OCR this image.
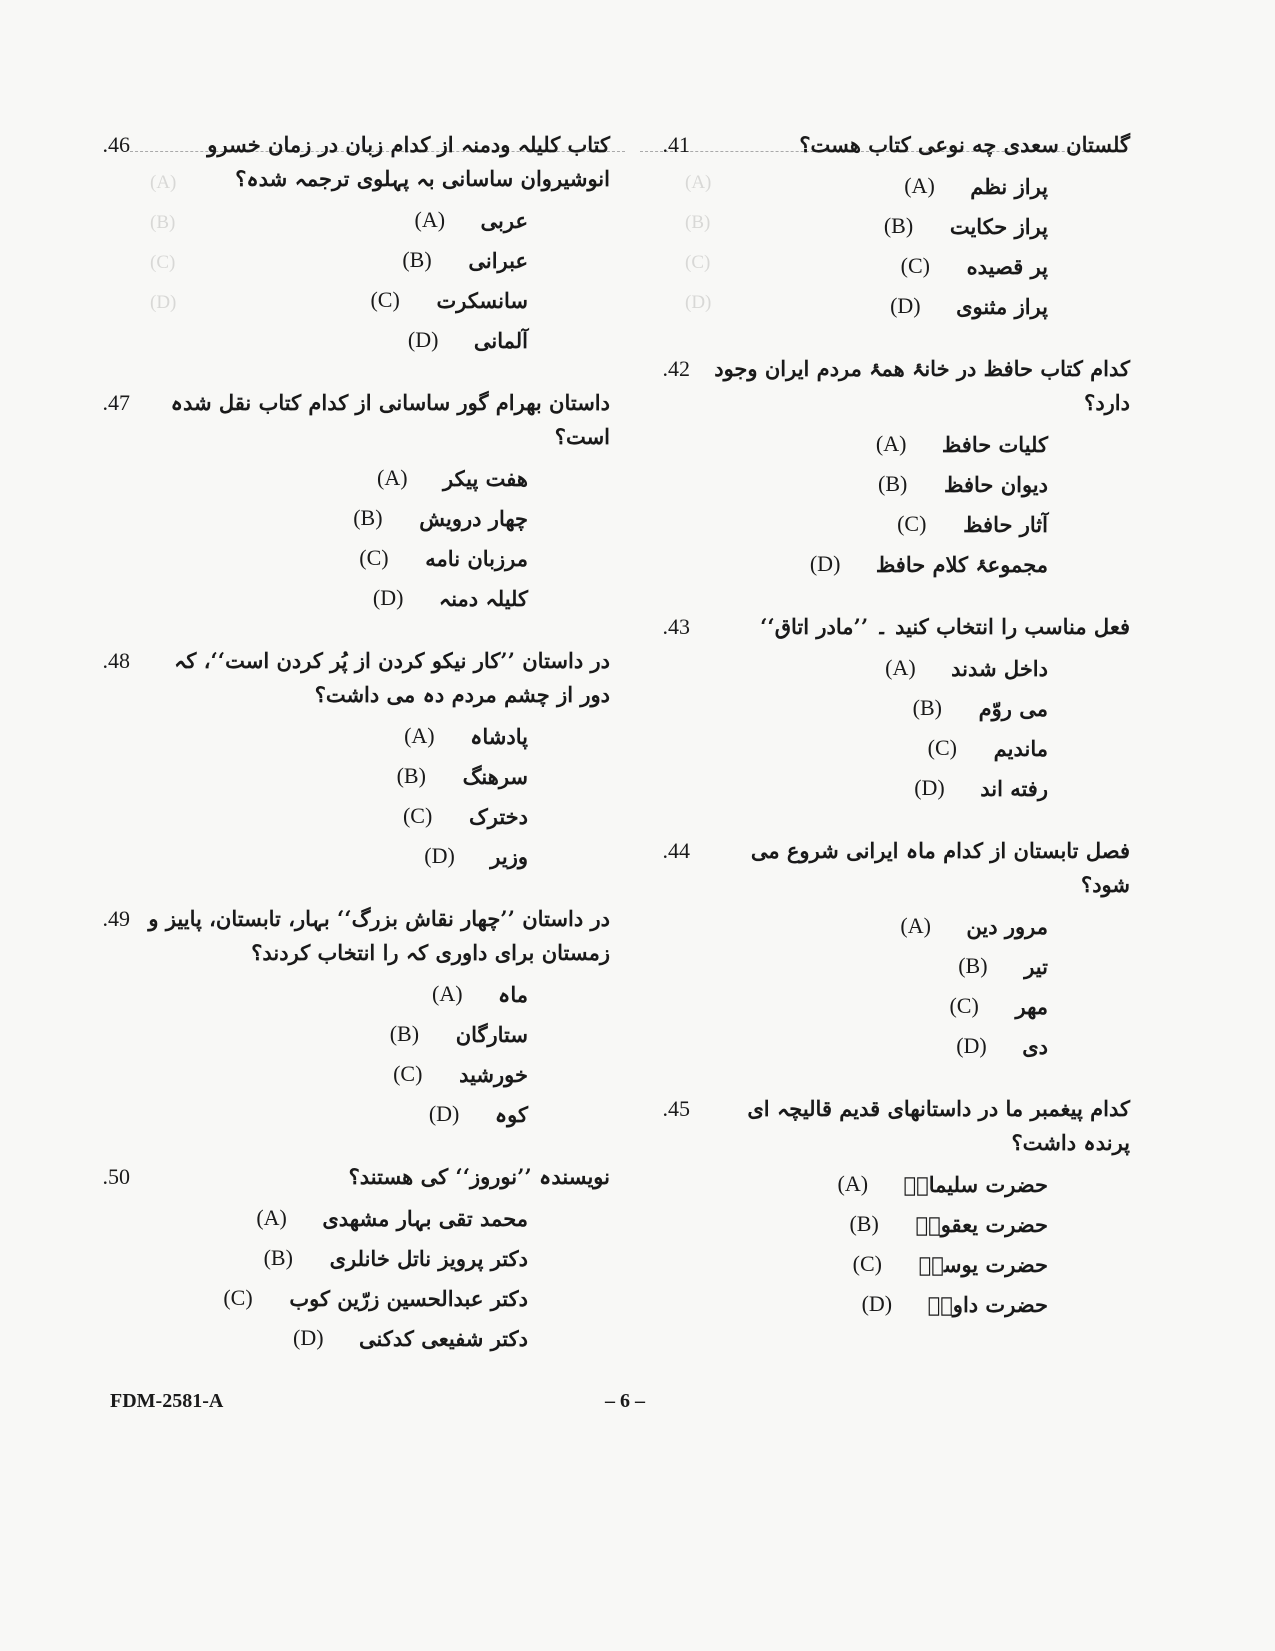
(A)
(B)
(C)
(D)
(A)
(B)
(C)
(D)
.41	گلستان سعدی چه نوعی کتاب هست؟
(A)	پراز نظم
(B)	پراز حکایت
(C)	پر قصیده
(D)	پراز مثنوی
.42 کدام کتاب حافظ در خانۂ همۂ مردم ایران وجود دارد؟
(A)	کلیات حافظ
(B)	دیوان حافظ
(C)	آثار حافظ
(D)	مجموعۂ کلام حافظ
.43	فعل مناسب را انتخاب کنید ۔ ’’مادر اتاق‘‘
(A)	داخل شدند
(B)	می روّم
(C)	ماندیم
(D)	رفته اند
.44	فصل تابستان از کدام ماہ ایرانی شروع می شود؟
(A)	مرور دین
(B)	تیر
(C)	مھر
(D)	دی
.45	کدام پیغمبر ما در داستانهای قدیم قالیچہ ای پرندہ داشت؟
(A)	حضرت سلیمانؑ
(B)	حضرت یعقوبؑ
(C)	حضرت یوسفؑ
(D)	حضرت داودؑ
.46	کتاب کلیلہ ودمنہ از کدام زبان در زمان خسرو انوشیروان ساسانی بہ پہلوی ترجمہ شدہ؟
(A)	عربی
(B)	عبرانی
(C)	سانسکرت
(D)	آلمانی
.47	داستان بھرام گور ساسانی از کدام کتاب نقل شدہ است؟
(A)	هفت پیکر
(B)	چهار درویش
(C)	مرزبان نامه
(D)	کلیلہ دمنہ
.48	در داستان ’’کار نیکو کردن از پُر کردن است‘‘، کہ دور از چشم مردم دہ می داشت؟
(A)	پادشاہ
(B)	سرھنگ
(C)	دخترک
(D)	وزیر
.49 در داستان ’’چھار نقاش بزرگ‘‘ بہار، تابستان، پاییز و زمستان برای داوری کہ را انتخاب کردند؟
(A)	ماہ
(B)	ستارگان
(C)	خورشید
(D)	کوہ
.50	نویسندہ ’’نوروز‘‘ کی هستند؟
(A)	محمد تقی بہار مشھدی
(B)	دکتر پرویز ناتل خانلری
(C)	دکتر عبدالحسین زرّین کوب
(D)	دکتر شفیعی کدکنی
FDM-2581-A	– 6 –
